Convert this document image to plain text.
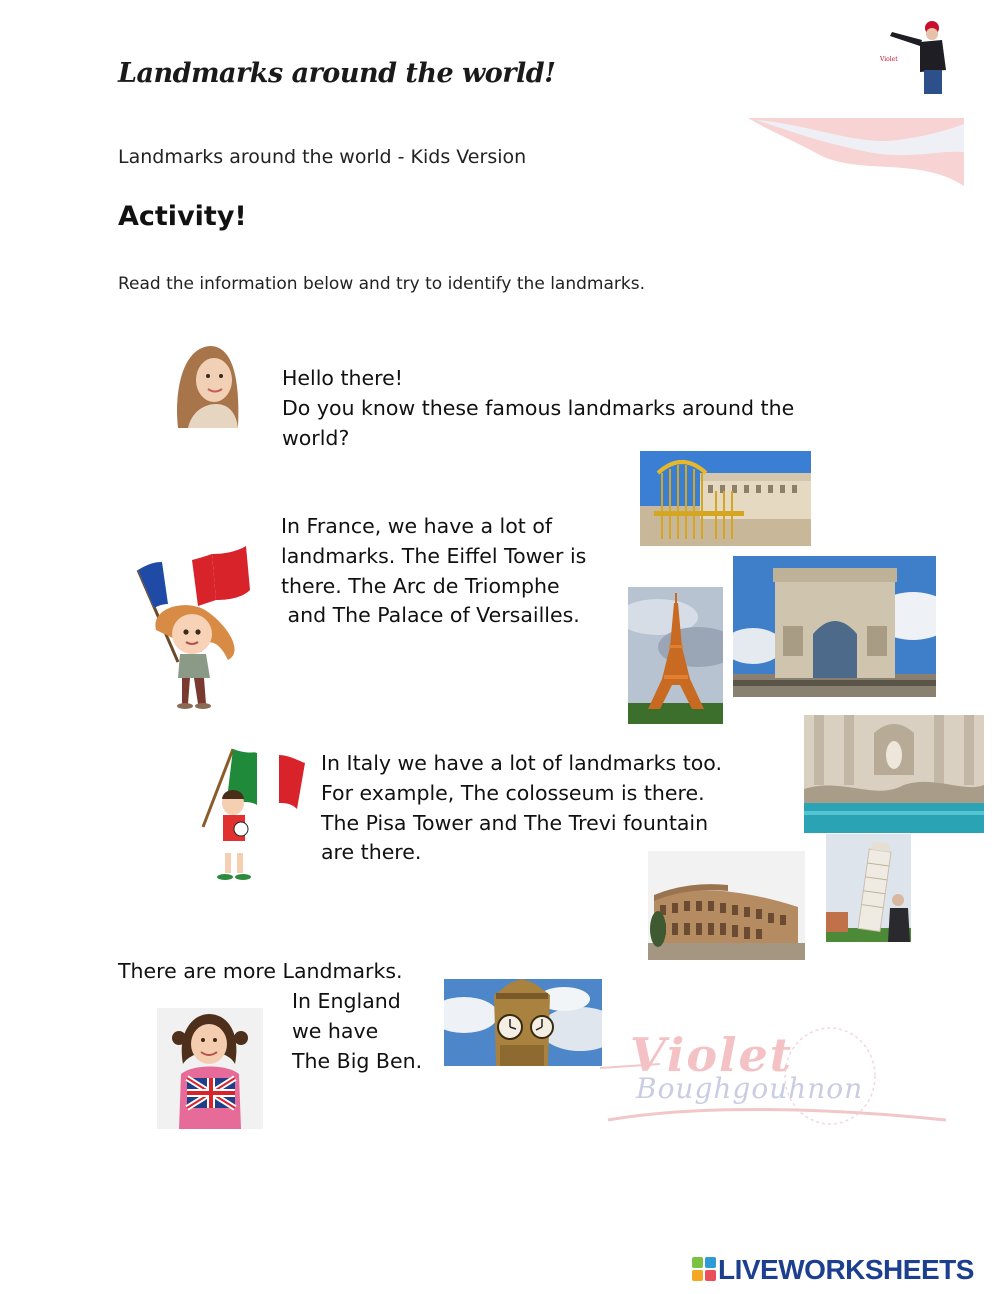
Landmarks around the world!	Violet
Landmarks around the world - Kids Version
Activity!
Read the information below and try to identify the landmarks.
Hello there!
Do you know these famous landmarks around the
world?
In France, we have a lot of
landmarks. The Eiffel Tower is
there. The Arc de Triomphe
and The Palace of Versailles.
In Italy we have a lot of landmarks too.
For example, The colosseum is there.
The Pisa Tower and The Trevi fountain
are there.
There are more Landmarks.
In England
we have
The Big Ben.	Violet
Boughgouhnon
LIVEWORKSHEETS
